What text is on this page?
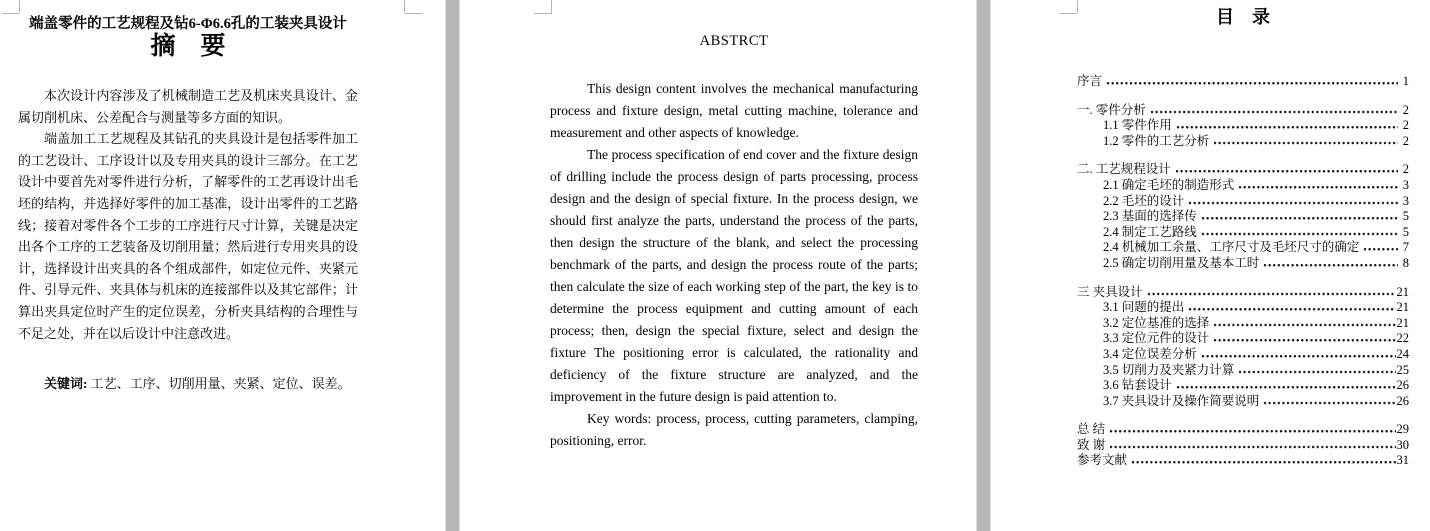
端盖零件的工艺规程及钻6-Φ6.6孔的工装夹具设计
摘　要

本次设计内容涉及了机械制造工艺及机床夹具设计、金属切削机床、公差配合与测量等多方面的知识。

端盖加工工艺规程及其钻孔的夹具设计是包括零件加工的工艺设计、工序设计以及专用夹具的设计三部分。在工艺设计中要首先对零件进行分析，了解零件的工艺再设计出毛坯的结构，并选择好零件的加工基准，设计出零件的工艺路线；接着对零件各个工步的工序进行尺寸计算，关键是决定出各个工序的工艺装备及切削用量；然后进行专用夹具的设计，选择设计出夹具的各个组成部件，如定位元件、夹紧元件、引导元件、夹具体与机床的连接部件以及其它部件；计算出夹具定位时产生的定位误差，分析夹具结构的合理性与不足之处，并在以后设计中注意改进。

关键词: 工艺、工序、切削用量、夹紧、定位、误差。

ABSTRCT

This design content involves the mechanical manufacturing process and fixture design, metal cutting machine, tolerance and measurement and other aspects of knowledge.

The process specification of end cover and the fixture design of drilling include the process design of parts processing, process design and the design of special fixture. In the process design, we should first analyze the parts, understand the process of the parts, then design the structure of the blank, and select the processing benchmark of the parts, and design the process route of the parts; then calculate the size of each working step of the part, the key is to determine the process equipment and cutting amount of each process; then, design the special fixture, select and design the fixture The positioning error is calculated, the rationality and deficiency of the fixture structure are analyzed, and the improvement in the future design is paid attention to.

Key words: process, process, cutting parameters, clamping, positioning, error.

目　录
序言	1
一. 零件分析	2
1.1 零件作用	2
1.2 零件的工艺分析	2
二. 工艺规程设计	2
2.1 确定毛坯的制造形式	3
2.2 毛坯的设计	3
2.3 基面的选择传	5
2.4 制定工艺路线	5
2.4 机械加工余量、工序尺寸及毛坯尺寸的确定	7
2.5 确定切削用量及基本工时	8
三 夹具设计	21
3.1 问题的提出	21
3.2 定位基准的选择	21
3.3 定位元件的设计	22
3.4 定位误差分析	24
3.5 切削力及夹紧力计算	25
3.6 钻套设计	26
3.7 夹具设计及操作简要说明	26
总 结	29
致 谢	30
参考文献	31
